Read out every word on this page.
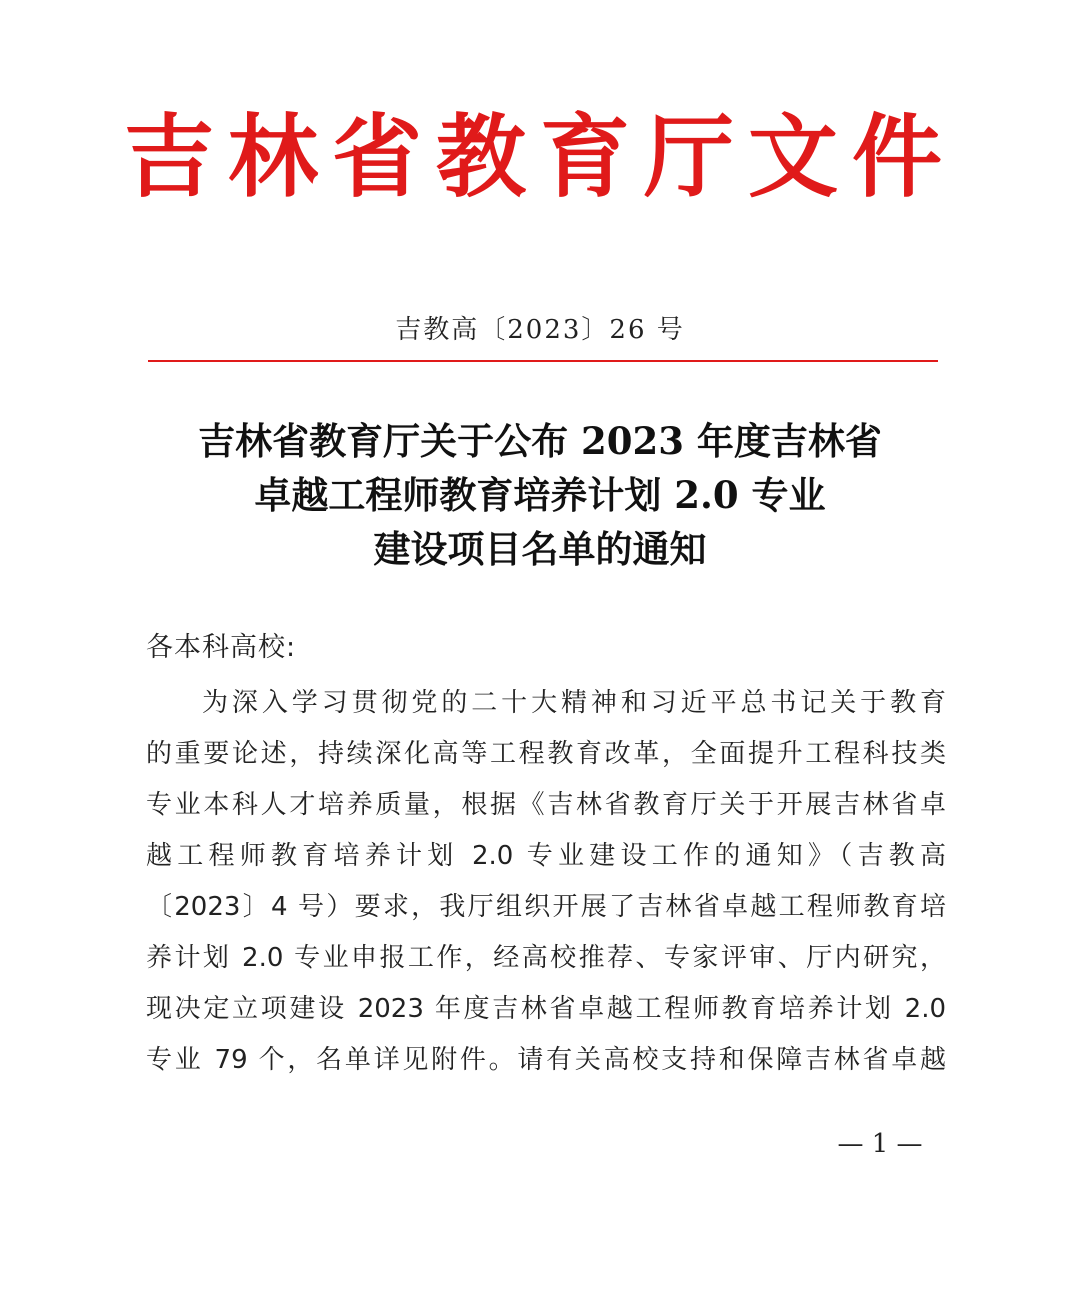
吉林省教育厅文件
吉教高〔2023〕26 号
吉林省教育厅关于公布 2023 年度吉林省
卓越工程师教育培养计划 2.0 专业
建设项目名单的通知
各本科高校:
为深入学习贯彻党的二十大精神和习近平总书记关于教育
的重要论述，持续深化高等工程教育改革，全面提升工程科技类
专业本科人才培养质量，根据《吉林省教育厅关于开展吉林省卓
越工程师教育培养计划 2.0 专业建设工作的通知》（吉教高
〔2023〕4 号）要求，我厅组织开展了吉林省卓越工程师教育培
养计划 2.0 专业申报工作，经高校推荐、专家评审、厅内研究，
现决定立项建设 2023 年度吉林省卓越工程师教育培养计划 2.0
专业 79 个，名单详见附件。请有关高校支持和保障吉林省卓越
— 1 —
